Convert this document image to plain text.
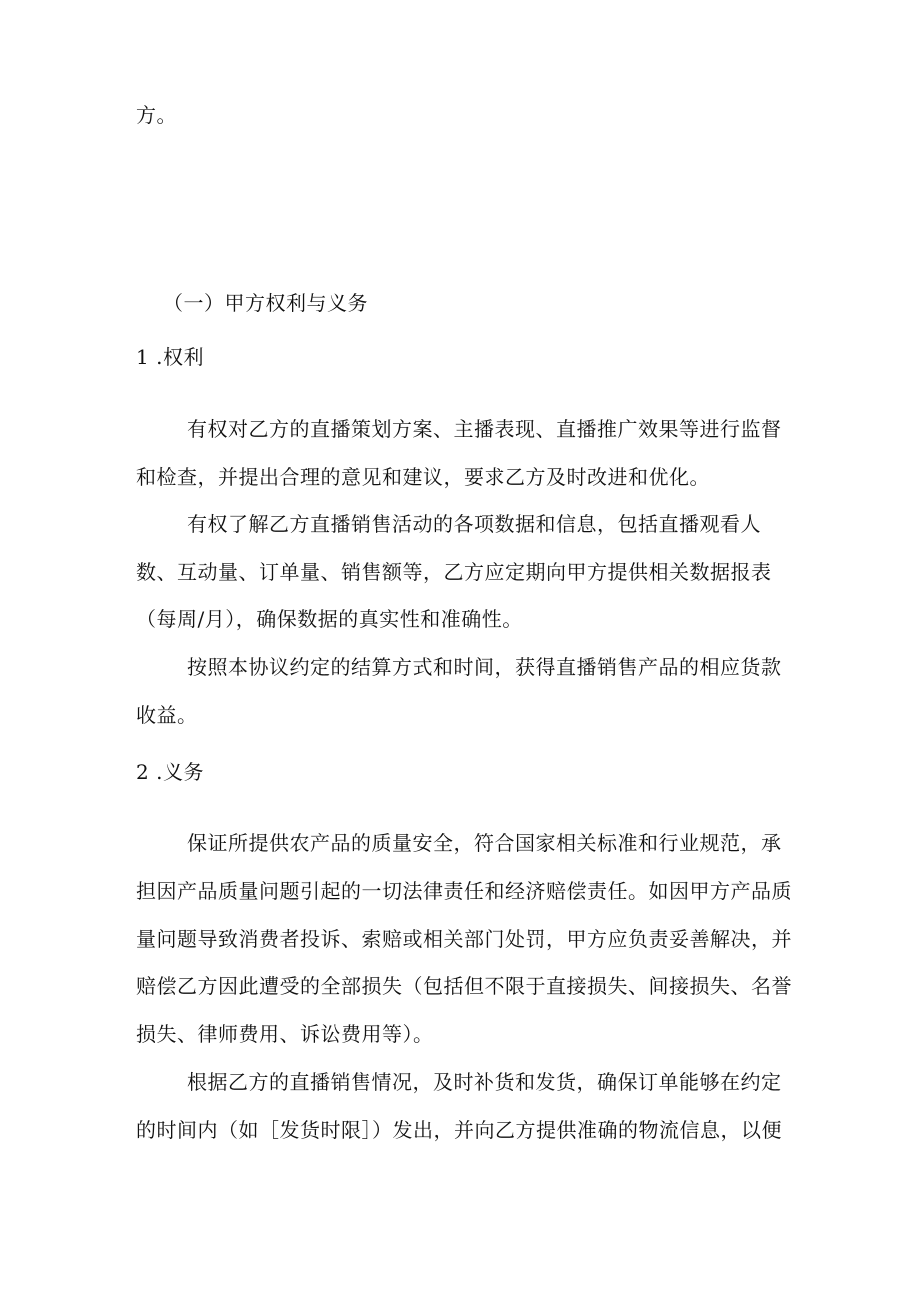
方。
（一）甲方权利与义务
1 .权利
有权对乙方的直播策划方案、主播表现、直播推广效果等进行监督
和检查，并提出合理的意见和建议，要求乙方及时改进和优化。
有权了解乙方直播销售活动的各项数据和信息，包括直播观看人
数、互动量、订单量、销售额等，乙方应定期向甲方提供相关数据报表
（每周/月），确保数据的真实性和准确性。
按照本协议约定的结算方式和时间，获得直播销售产品的相应货款
收益。
2 .义务
保证所提供农产品的质量安全，符合国家相关标准和行业规范，承
担因产品质量问题引起的一切法律责任和经济赔偿责任。如因甲方产品质
量问题导致消费者投诉、索赔或相关部门处罚，甲方应负责妥善解决，并
赔偿乙方因此遭受的全部损失（包括但不限于直接损失、间接损失、名誉
损失、律师费用、诉讼费用等）。
根据乙方的直播销售情况，及时补货和发货，确保订单能够在约定
的时间内（如［发货时限］）发出，并向乙方提供准确的物流信息，以便
